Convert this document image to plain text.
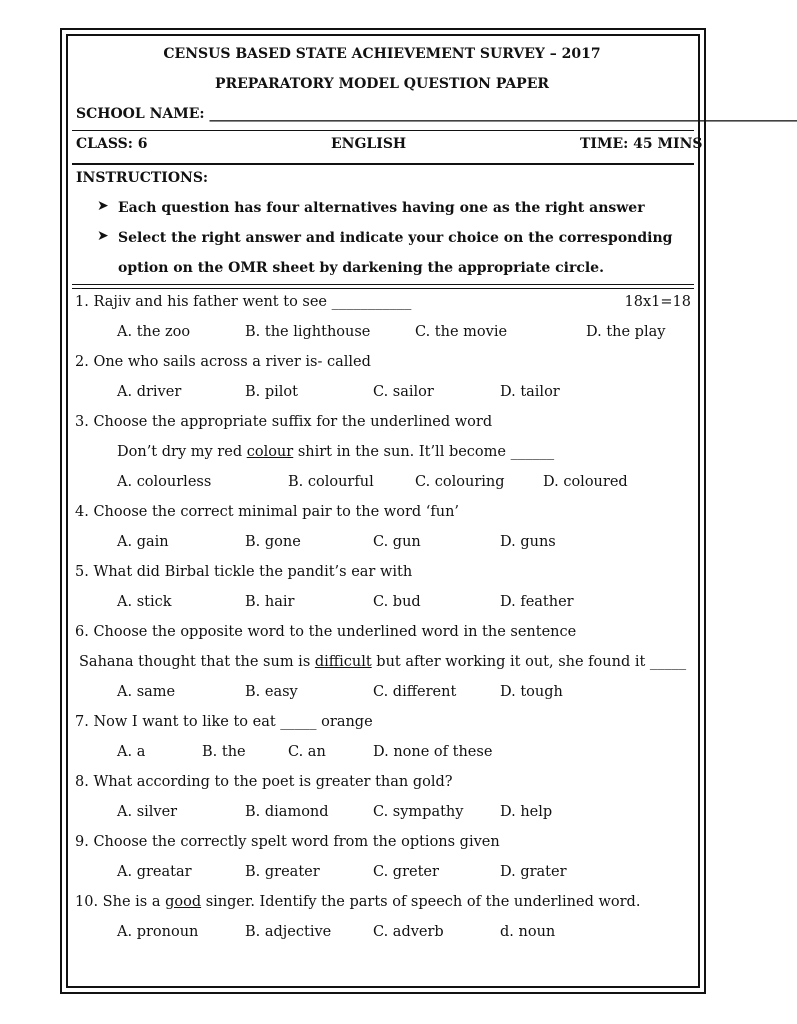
CENSUS BASED STATE ACHIEVEMENT SURVEY – 2017
PREPARATORY MODEL QUESTION PAPER
SCHOOL NAME: ____________________________________________________________________________________
CLASS: 6	ENGLISH	TIME: 45 MINS
INSTRUCTIONS:
➤ Each question has four alternatives having one as the right answer
➤ Select the right answer and indicate your choice on the corresponding
option on the OMR sheet by darkening the appropriate circle.
1. Rajiv and his father went to see ___________	18x1=18
A. the zoo	B. the lighthouse	C. the movie	D. the play
2. One who sails across a river is- called
A. driver	B. pilot	C. sailor	D. tailor
3. Choose the appropriate suffix for the underlined word
Don’t dry my red colour shirt in the sun. It’ll become ______
A. colourless	B. colourful	C. colouring	D. coloured
4. Choose the correct minimal pair to the word ‘fun’
A. gain	B. gone	C. gun	D. guns
5. What did Birbal tickle the pandit’s ear with
A. stick	B. hair	C. bud	D. feather
6. Choose the opposite word to the underlined word in the sentence
Sahana thought that the sum is difficult but after working it out, she found it _____
A. same	B. easy	C. different	D. tough
7. Now I want to like to eat _____ orange
A. a	B. the	C. an	D. none of these
8. What according to the poet is greater than gold?
A. silver	B. diamond	C. sympathy	D. help
9. Choose the correctly spelt word from the options given
A. greatar	B. greater	C. greter	D. grater
10. She is a good singer. Identify the parts of speech of the underlined word.
A. pronoun	B. adjective	C. adverb	d. noun
